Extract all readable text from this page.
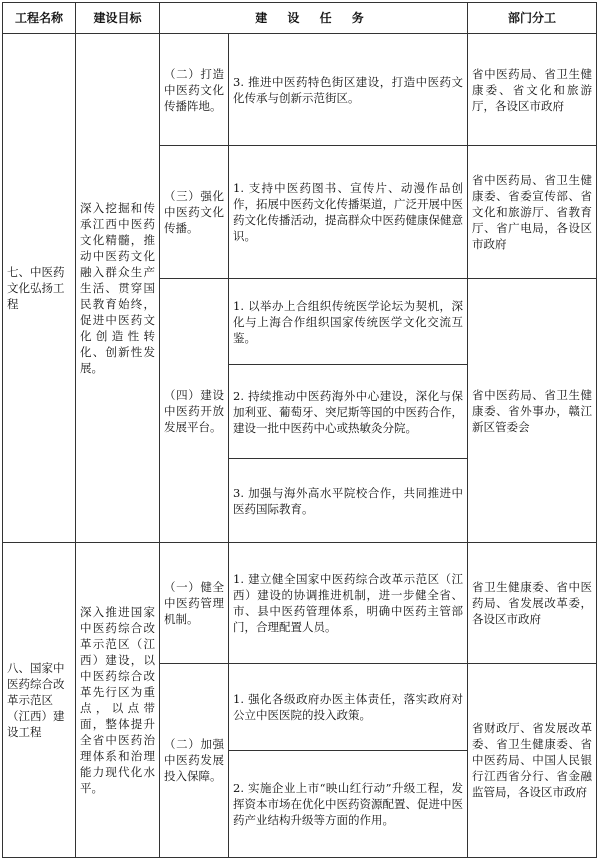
工程名称	建设目标	建 设 任 务		部门分工
七、中医药文化弘扬工程	深入挖掘和传承江西中医药文化精髓，推动中医药文化融入群众生产生活、贯穿国民教育始终，促进中医药文化创造性转化、创新性发展。	（二）打造中医药文化传播阵地。	3. 推进中医药特色街区建设，打造中医药文化传承与创新示范街区。	省中医药局、省卫生健康委、省文化和旅游厅，各设区市政府
		（三）强化中医药文化传播。	1. 支持中医药图书、宣传片、动漫作品创作，拓展中医药文化传播渠道，广泛开展中医药文化传播活动，提高群众中医药健康保健意识。	省中医药局、省卫生健康委、省委宣传部、省文化和旅游厅、省教育厅、省广电局，各设区市政府
		（四）建设中医药开放发展平台。	1. 以举办上合组织传统医学论坛为契机，深化与上海合作组织国家传统医学文化交流互鉴。	省中医药局、省卫生健康委、省外事办，赣江新区管委会
			2. 持续推动中医药海外中心建设，深化与保加利亚、葡萄牙、突尼斯等国的中医药合作，建设一批中医药中心或热敏灸分院。	
			3. 加强与海外高水平院校合作，共同推进中医药国际教育。	
八、国家中医药综合改革示范区（江西）建设工程	深入推进国家中医药综合改革示范区（江西）建设，以中医药综合改革先行区为重点，以点带面，整体提升全省中医药治理体系和治理能力现代化水平。	（一）健全中医药管理机制。	1. 建立健全国家中医药综合改革示范区（江西）建设的协调推进机制，进一步健全省、市、县中医药管理体系，明确中医药主管部门，合理配置人员。	省卫生健康委、省中医药局、省发展改革委，各设区市政府
		（二）加强中医药发展投入保障。	1. 强化各级政府办医主体责任，落实政府对公立中医医院的投入政策。	省财政厅、省发展改革委、省卫生健康委、省中医药局、中国人民银行江西省分行、省金融监管局，各设区市政府
			2. 实施企业上市“映山红行动”升级工程，发挥资本市场在优化中医药资源配置、促进中医药产业结构升级等方面的作用。	
